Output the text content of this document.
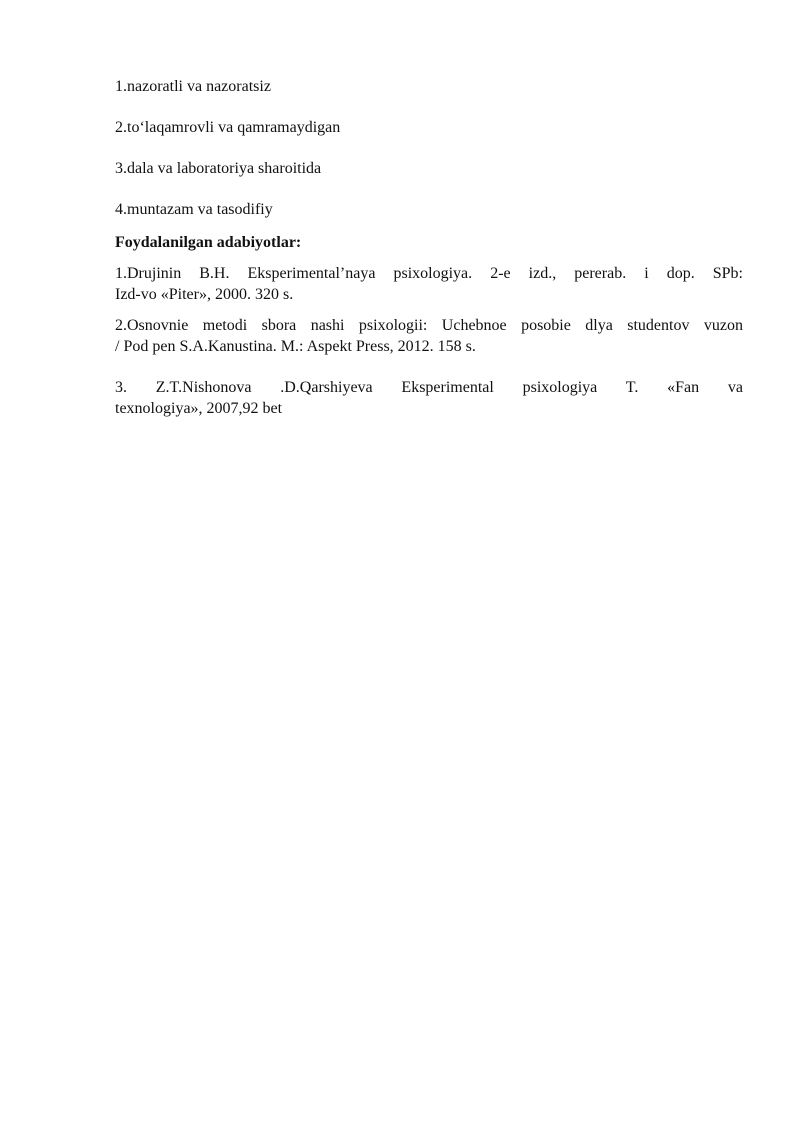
1.nazoratli va nazoratsiz

2.to‘laqamrovli va qamramaydigan

3.dala va laboratoriya sharoitida

4.muntazam va tasodifiy

Foydalanilgan adabiyotlar:

1.Drujinin B.H. Eksperimental’naya psixologiya. 2-e izd., pererab. i dop. SPb:
Izd-vo «Piter», 2000. 320 s.
2.Osnovnie metodi sbora nashi psixologii: Uchebnoe posobie dlya studentov vuzon
/ Pod pen S.A.Kanustina. M.: Aspekt Press, 2012. 158 s.
3. Z.T.Nishonova .D.Qarshiyeva Eksperimental psixologiya T. «Fan va
texnologiya», 2007,92 bet
